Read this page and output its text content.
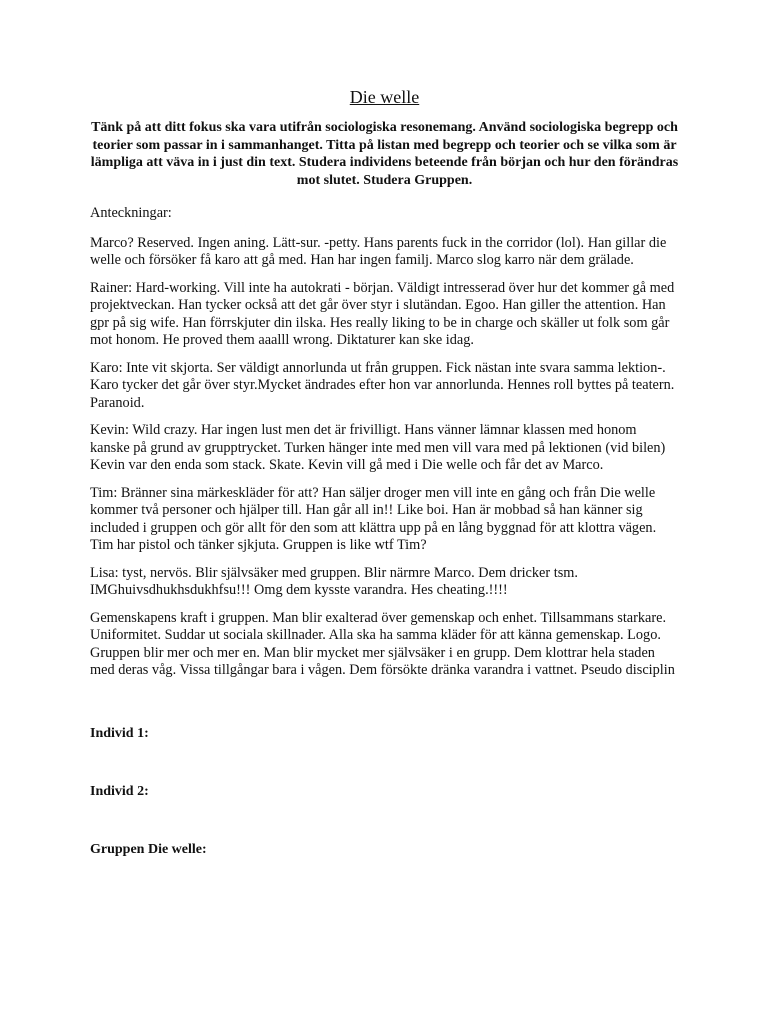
Die welle

Tänk på att ditt fokus ska vara utifrån sociologiska resonemang. Använd sociologiska begrepp och teorier som passar in i sammanhanget. Titta på listan med begrepp och teorier och se vilka som är lämpliga att väva in i just din text. Studera individens beteende från början och hur den förändras mot slutet. Studera Gruppen.

Anteckningar:

Marco? Reserved. Ingen aning. Lätt-sur. -petty. Hans parents fuck in the corridor (lol). Han gillar die welle och försöker få karo att gå med. Han har ingen familj. Marco slog karro när dem grälade.

Rainer: Hard-working. Vill inte ha autokrati - början. Väldigt intresserad över hur det kommer gå med projektveckan. Han tycker också att det går över styr i slutändan. Egoo. Han giller the attention. Han gpr på sig wife. Han förrskjuter din ilska. Hes really liking to be in charge och skäller ut folk som går mot honom. He proved them aaalll wrong. Diktaturer kan ske idag.

Karo: Inte vit skjorta. Ser väldigt annorlunda ut från gruppen. Fick nästan inte svara samma lektion-. Karo tycker det går över styr.Mycket ändrades efter hon var annorlunda. Hennes roll byttes på teatern. Paranoid.

Kevin: Wild crazy. Har ingen lust men det är frivilligt. Hans vänner lämnar klassen med honom kanske på grund av grupptrycket. Turken hänger inte med men vill vara med på lektionen (vid bilen) Kevin var den enda som stack. Skate. Kevin vill gå med i Die welle och får det av Marco.

Tim: Bränner sina märkeskläder för att? Han säljer droger men vill inte en gång och från Die welle kommer två personer och hjälper till. Han går all in!! Like boi. Han är mobbad så han känner sig included i gruppen och gör allt för den som att klättra upp på en lång byggnad för att klottra vägen. Tim har pistol och tänker sjkjuta. Gruppen is like wtf Tim?

Lisa: tyst, nervös. Blir självsäker med gruppen. Blir närmre Marco. Dem dricker tsm. IMGhuivsdhukhsdukhfsu!!! Omg dem kysste varandra. Hes cheating.!!!!

Gemenskapens kraft i gruppen. Man blir exalterad över gemenskap och enhet. Tillsammans starkare. Uniformitet. Suddar ut sociala skillnader. Alla ska ha samma kläder för att känna gemenskap. Logo. Gruppen blir mer och mer en. Man blir mycket mer självsäker i en grupp. Dem klottrar hela staden med deras våg. Vissa tillgångar bara i vågen. Dem försökte dränka varandra i vattnet. Pseudo disciplin

Individ 1:

Individ 2:

Gruppen Die welle:
